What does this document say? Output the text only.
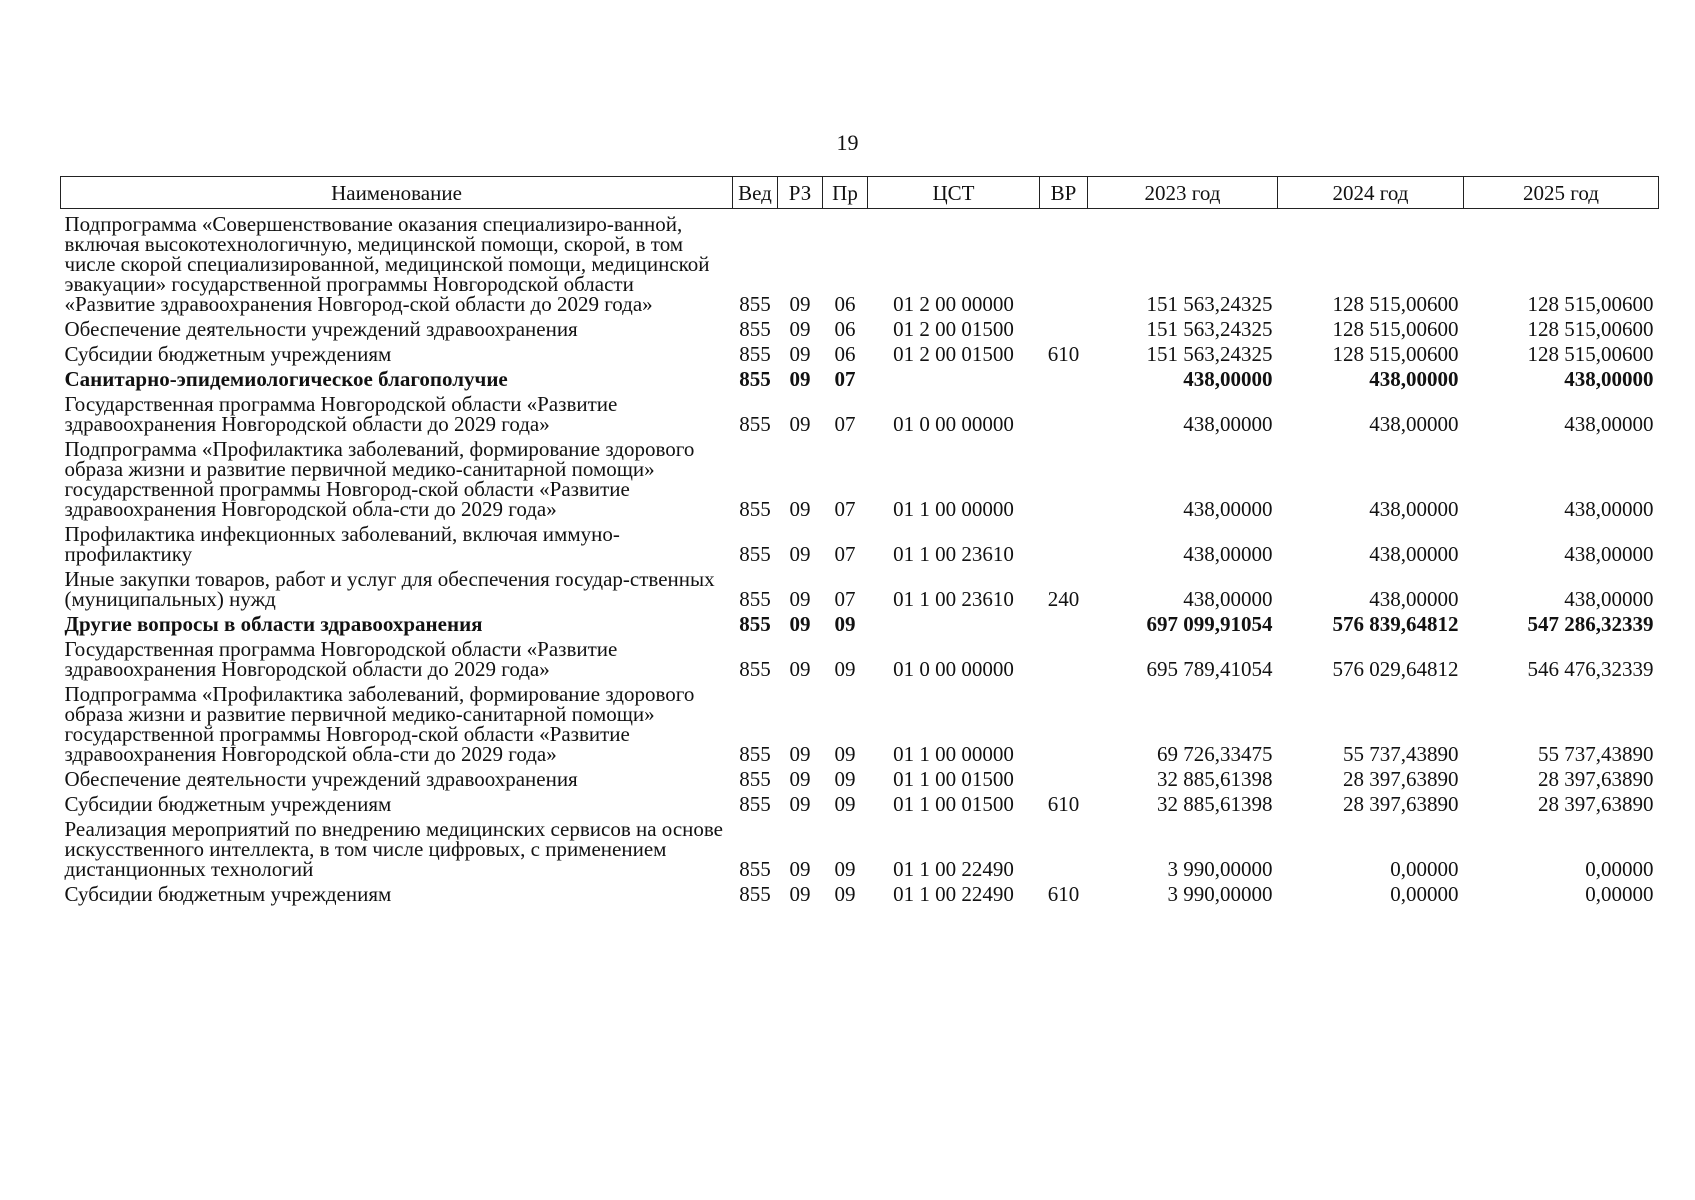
19
Наименование	Вед	РЗ	Пр	ЦСТ	ВР	2023 год	2024 год	2025 год
Подпрограмма «Совершенствование оказания специализиро-ванной, включая высокотехнологичную, медицинской помощи, скорой, в том числе скорой специализированной, медицинской помощи, медицинской эвакуации» государственной программы Новгородской области «Развитие здравоохранения Новгород-ской области до 2029 года»	855	09	06	01 2 00 00000		151 563,24325	128 515,00600	128 515,00600
Обеспечение деятельности учреждений здравоохранения	855	09	06	01 2 00 01500		151 563,24325	128 515,00600	128 515,00600
Субсидии бюджетным учреждениям	855	09	06	01 2 00 01500	610	151 563,24325	128 515,00600	128 515,00600
Санитарно-эпидемиологическое благополучие	855	09	07			438,00000	438,00000	438,00000
Государственная программа Новгородской области «Развитие здравоохранения Новгородской области до 2029 года»	855	09	07	01 0 00 00000		438,00000	438,00000	438,00000
Подпрограмма «Профилактика заболеваний, формирование здорового образа жизни и развитие первичной медико-санитарной помощи» государственной программы Новгород-ской области «Развитие здравоохранения Новгородской обла-сти до 2029 года»	855	09	07	01 1 00 00000		438,00000	438,00000	438,00000
Профилактика инфекционных заболеваний, включая иммуно-профилактику	855	09	07	01 1 00 23610		438,00000	438,00000	438,00000
Иные закупки товаров, работ и услуг для обеспечения государ-ственных (муниципальных) нужд	855	09	07	01 1 00 23610	240	438,00000	438,00000	438,00000
Другие вопросы в области здравоохранения	855	09	09			697 099,91054	576 839,64812	547 286,32339
Государственная программа Новгородской области «Развитие здравоохранения Новгородской области до 2029 года»	855	09	09	01 0 00 00000		695 789,41054	576 029,64812	546 476,32339
Подпрограмма «Профилактика заболеваний, формирование здорового образа жизни и развитие первичной медико-санитарной помощи» государственной программы Новгород-ской области «Развитие здравоохранения Новгородской обла-сти до 2029 года»	855	09	09	01 1 00 00000		69 726,33475	55 737,43890	55 737,43890
Обеспечение деятельности учреждений здравоохранения	855	09	09	01 1 00 01500		32 885,61398	28 397,63890	28 397,63890
Субсидии бюджетным учреждениям	855	09	09	01 1 00 01500	610	32 885,61398	28 397,63890	28 397,63890
Реализация мероприятий по внедрению медицинских сервисов на основе искусственного интеллекта, в том числе цифровых, с применением дистанционных технологий	855	09	09	01 1 00 22490		3 990,00000	0,00000	0,00000
Субсидии бюджетным учреждениям	855	09	09	01 1 00 22490	610	3 990,00000	0,00000	0,00000
